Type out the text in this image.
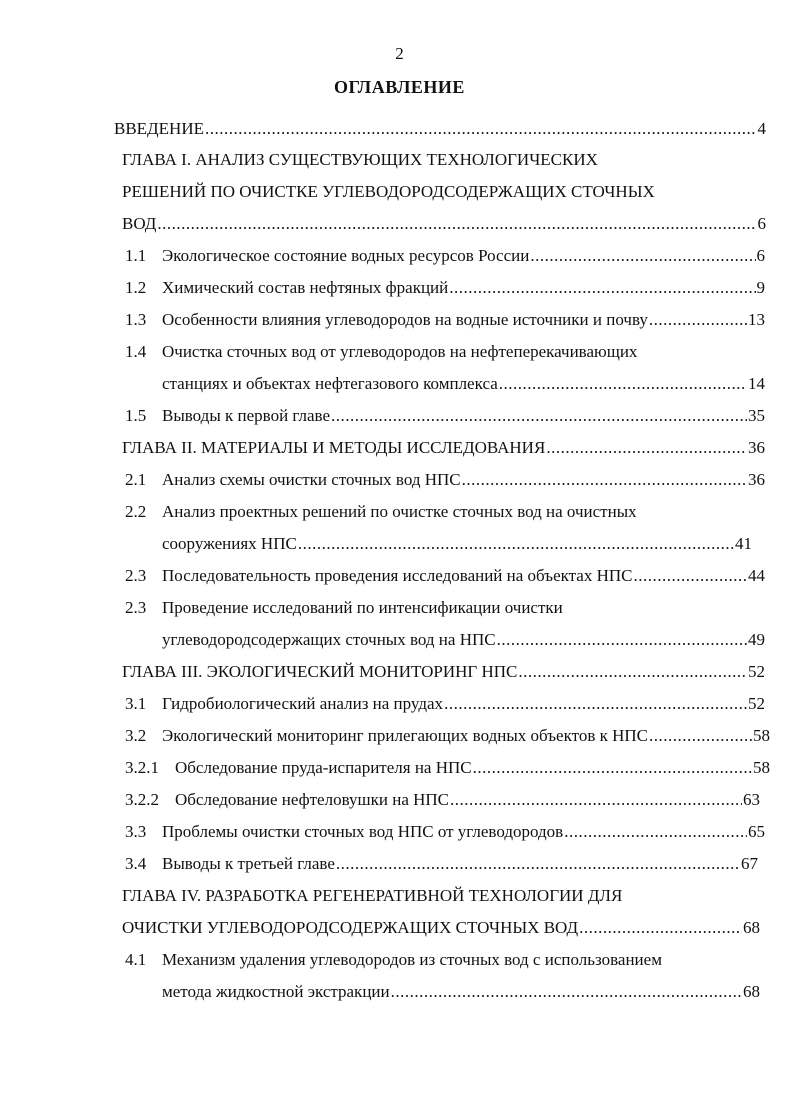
2
ОГЛАВЛЕНИЕ
ВВЕДЕНИЕ .....	4
ГЛАВА I. АНАЛИЗ СУЩЕСТВУЮЩИХ ТЕХНОЛОГИЧЕСКИХ
РЕШЕНИЙ ПО ОЧИСТКЕ УГЛЕВОДОРОДСОДЕРЖАЩИХ СТОЧНЫХ
ВОД .....	6
1.1 Экологическое состояние водных ресурсов России .....	6
1.2 Химический состав нефтяных фракций .....	9
1.3 Особенности влияния углеводородов на водные источники и почву .....	13
1.4 Очистка сточных вод от углеводородов на нефтеперекачивающих
станциях и объектах нефтегазового комплекса .....	14
1.5 Выводы к первой главе .....	35
ГЛАВА II. МАТЕРИАЛЫ И МЕТОДЫ ИССЛЕДОВАНИЯ .....	36
2.1 Анализ схемы очистки сточных вод НПС .....	36
2.2 Анализ проектных решений по очистке сточных вод на очистных
сооружениях НПС .....	41
2.3 Последовательность проведения исследований на объектах НПС .....	44
2.3 Проведение исследований по интенсификации очистки
углеводородсодержащих сточных вод на НПС .....	49
ГЛАВА III. ЭКОЛОГИЧЕСКИЙ МОНИТОРИНГ НПС .....	52
3.1 Гидробиологический анализ на прудах .....	52
3.2 Экологический мониторинг прилегающих водных объектов к НПС .....	58
3.2.1 Обследование пруда-испарителя на НПС .....	58
3.2.2 Обследование нефтеловушки на НПС .....	63
3.3 Проблемы очистки сточных вод НПС от углеводородов .....	65
3.4 Выводы к третьей главе .....	67
ГЛАВА IV. РАЗРАБОТКА РЕГЕНЕРАТИВНОЙ ТЕХНОЛОГИИ ДЛЯ
ОЧИСТКИ УГЛЕВОДОРОДСОДЕРЖАЩИХ СТОЧНЫХ ВОД .....	68
4.1 Механизм удаления углеводородов из сточных вод с использованием
метода жидкостной экстракции .....	68
